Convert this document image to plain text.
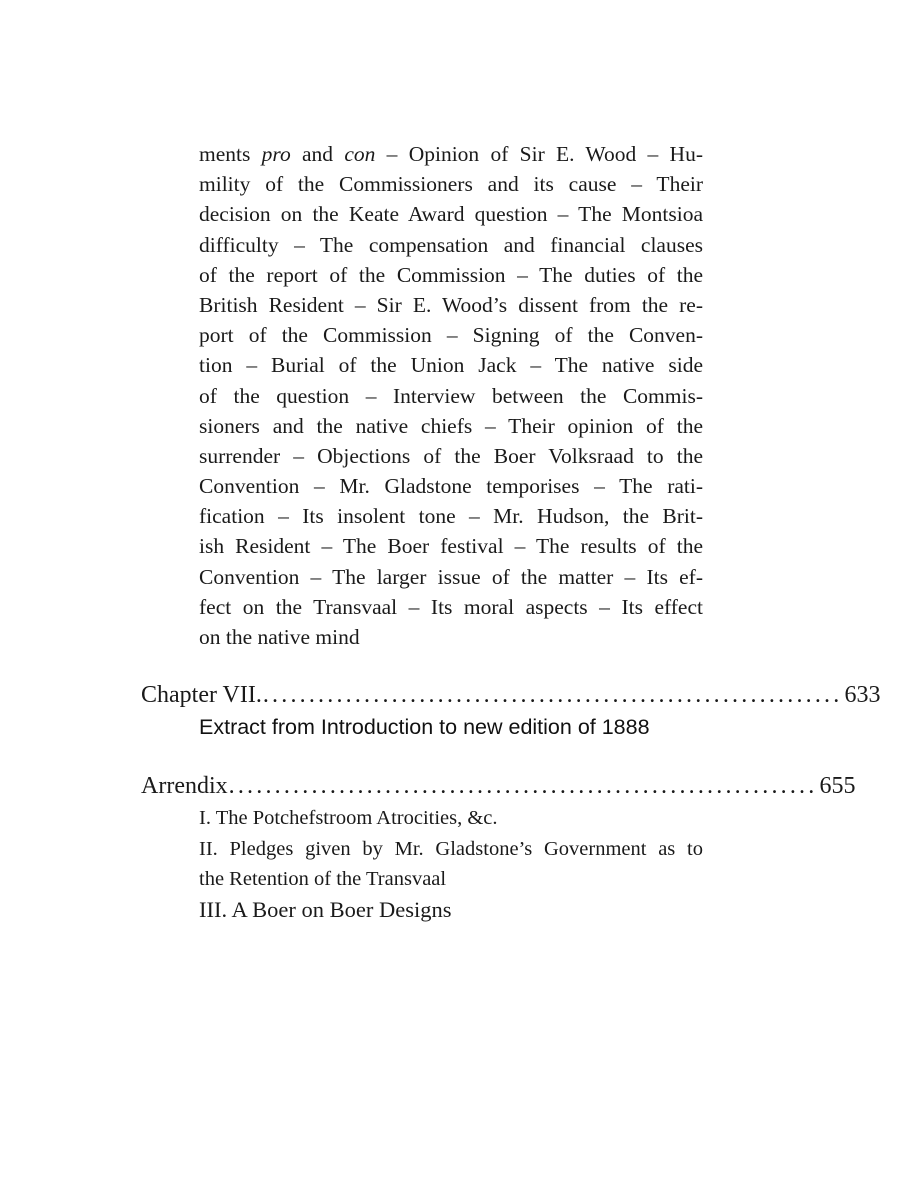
ments pro and con – Opinion of Sir E. Wood – Hu-
mility of the Commissioners and its cause – Their
decision on the Keate Award question – The Montsioa
difficulty – The compensation and financial clauses
of the report of the Commission – The duties of the
British Resident – Sir E. Wood’s dissent from the re-
port of the Commission – Signing of the Conven-
tion – Burial of the Union Jack – The native side
of the question – Interview between the Commis-
sioners and the native chiefs – Their opinion of the
surrender – Objections of the Boer Volksraad to the
Convention – Mr. Gladstone temporises – The rati-
fication – Its insolent tone – Mr. Hudson, the Brit-
ish Resident – The Boer festival – The results of the
Convention – The larger issue of the matter – Its ef-
fect on the Transvaal – Its moral aspects – Its effect
on the native mind
Chapter VII. ............................................................... 633
Extract from Introduction to new edition of 1888
Arrendix ................................................................ 655
I. The Potchefstroom Atrocities, &c.
II. Pledges given by Mr. Gladstone’s Government as to
the Retention of the Transvaal
III. A Boer on Boer Designs
